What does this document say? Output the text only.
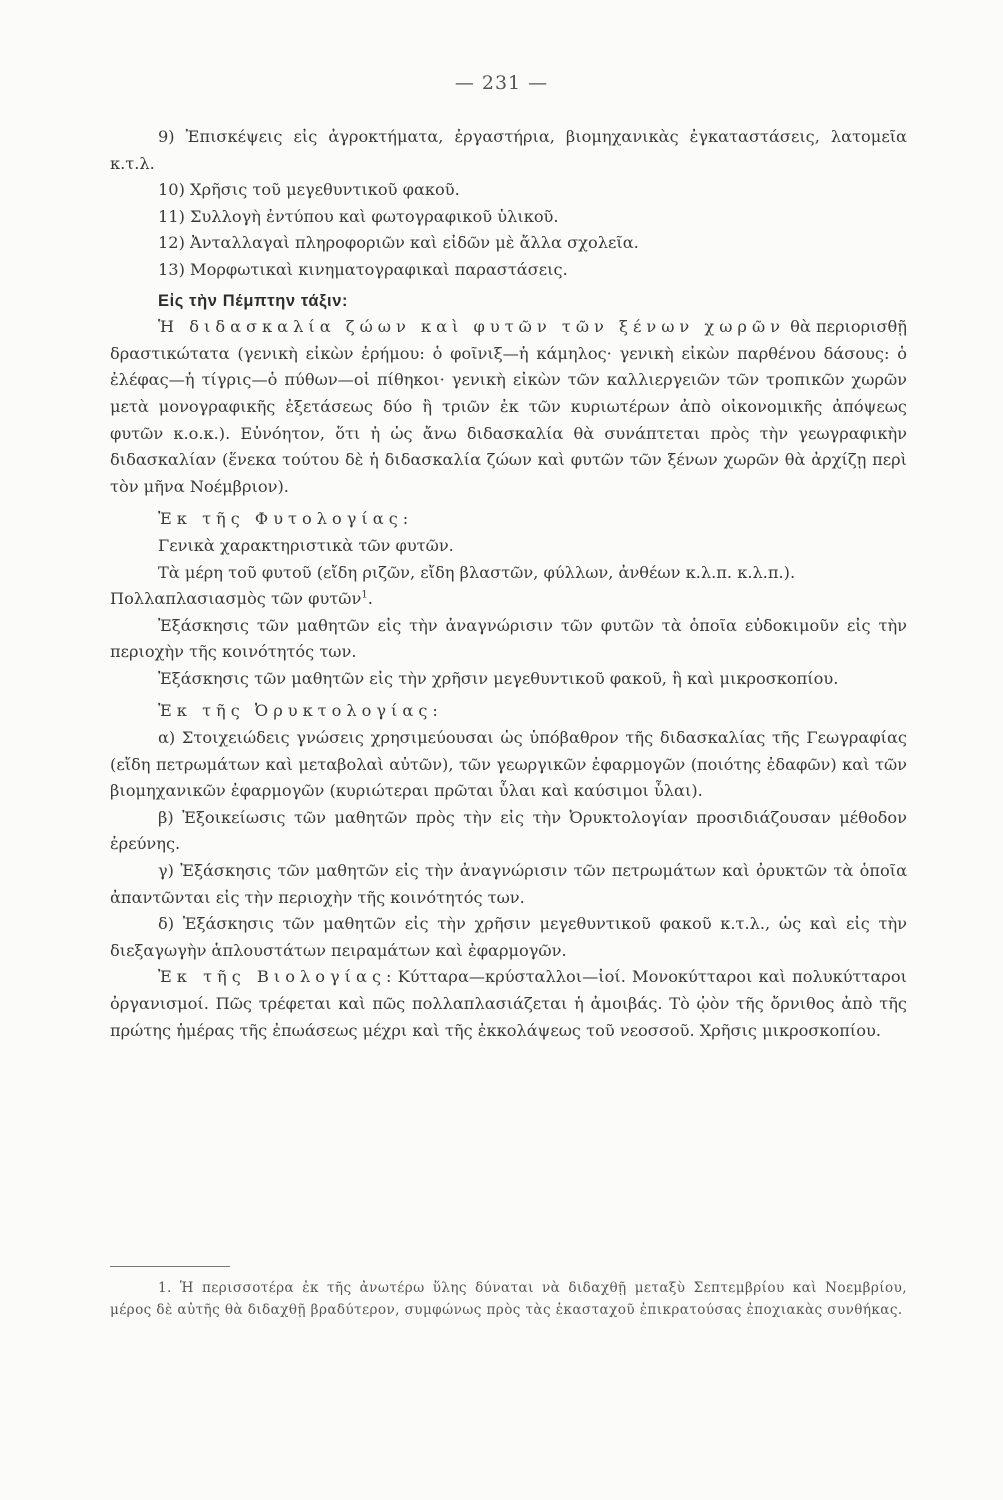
— 231 —

9) Ἐπισκέψεις εἰς ἀγροκτήματα, ἐργαστήρια, βιομηχανικὰς ἐγκαταστάσεις, λατομεῖα κ.τ.λ.

10) Χρῆσις τοῦ μεγεθυντικοῦ φακοῦ.

11) Συλλογὴ ἐντύπου καὶ φωτογραφικοῦ ὑλικοῦ.

12) Ἀνταλλαγαὶ πληροφοριῶν καὶ εἰδῶν μὲ ἄλλα σχολεῖα.

13) Μορφωτικαὶ κινηματογραφικαὶ παραστάσεις.

Εἰς τὴν Πέμπτην τάξιν:

Ἡ διδασκαλία ζώων καὶ φυτῶν τῶν ξένων χωρῶν θὰ περιορισθῇ δραστικώτατα (γενικὴ εἰκὼν ἐρήμου: ὁ φοῖνιξ—ἡ κάμηλος· γενικὴ εἰκὼν παρθένου δάσους: ὁ ἐλέφας—ἡ τίγρις—ὁ πύθων—οἱ πίθηκοι· γενικὴ εἰκὼν τῶν καλλιεργειῶν τῶν τροπικῶν χωρῶν μετὰ μονογραφικῆς ἐξετάσεως δύο ἢ τριῶν ἐκ τῶν κυριωτέρων ἀπὸ οἰκονομικῆς ἀπόψεως φυτῶν κ.ο.κ.). Εὐνόητον, ὅτι ἡ ὡς ἄνω διδασκαλία θὰ συνάπτεται πρὸς τὴν γεωγραφικὴν διδασκαλίαν (ἕνεκα τούτου δὲ ἡ διδασκαλία ζώων καὶ φυτῶν τῶν ξένων χωρῶν θὰ ἀρχίζῃ περὶ τὸν μῆνα Νοέμβριον).

Ἐκ τῆς Φυτολογίας:

Γενικὰ χαρακτηριστικὰ τῶν φυτῶν.

Τὰ μέρη τοῦ φυτοῦ (εἴδη ριζῶν, εἴδη βλαστῶν, φύλλων, ἀνθέων κ.λ.π. κ.λ.π.).

Πολλαπλασιασμὸς τῶν φυτῶν$^1$.

Ἐξάσκησις τῶν μαθητῶν εἰς τὴν ἀναγνώρισιν τῶν φυτῶν τὰ ὁποῖα εὐδοκιμοῦν εἰς τὴν περιοχὴν τῆς κοινότητός των.

Ἐξάσκησις τῶν μαθητῶν εἰς τὴν χρῆσιν μεγεθυντικοῦ φακοῦ, ἢ καὶ μικροσκοπίου.

Ἐκ τῆς Ὀρυκτολογίας:

α) Στοιχειώδεις γνώσεις χρησιμεύουσαι ὡς ὑπόβαθρον τῆς διδασκαλίας τῆς Γεωγραφίας (εἴδη πετρωμάτων καὶ μεταβολαὶ αὐτῶν), τῶν γεωργικῶν ἐφαρμογῶν (ποιότης ἐδαφῶν) καὶ τῶν βιομηχανικῶν ἐφαρμογῶν (κυριώτεραι πρῶται ὗλαι καὶ καύσιμοι ὗλαι).

β) Ἐξοικείωσις τῶν μαθητῶν πρὸς τὴν εἰς τὴν Ὀρυκτολογίαν προσιδιάζουσαν μέθοδον ἐρεύνης.

γ) Ἐξάσκησις τῶν μαθητῶν εἰς τὴν ἀναγνώρισιν τῶν πετρωμάτων καὶ ὀρυκτῶν τὰ ὁποῖα ἀπαντῶνται εἰς τὴν περιοχὴν τῆς κοινότητός των.

δ) Ἐξάσκησις τῶν μαθητῶν εἰς τὴν χρῆσιν μεγεθυντικοῦ φακοῦ κ.τ.λ., ὡς καὶ εἰς τὴν διεξαγωγὴν ἁπλουστάτων πειραμάτων καὶ ἐφαρμογῶν.

Ἐκ τῆς Βιολογίας: Κύτταρα—κρύσταλλοι—ἰοί. Μονοκύτταροι καὶ πολυκύτταροι ὀργανισμοί. Πῶς τρέφεται καὶ πῶς πολλαπλασιάζεται ἡ ἀμοιβάς. Τὸ ᾠὸν τῆς ὄρνιθος ἀπὸ τῆς πρώτης ἡμέρας τῆς ἐπωάσεως μέχρι καὶ τῆς ἐκκολάψεως τοῦ νεοσσοῦ. Χρῆσις μικροσκοπίου.

1. Ἡ περισσοτέρα ἐκ τῆς ἀνωτέρω ὕλης δύναται νὰ διδαχθῇ μεταξὺ Σεπτεμβρίου καὶ Νοεμβρίου, μέρος δὲ αὐτῆς θὰ διδαχθῇ βραδύτερον, συμφώνως πρὸς τὰς ἑκασταχοῦ ἐπικρατούσας ἐποχιακὰς συνθήκας.
